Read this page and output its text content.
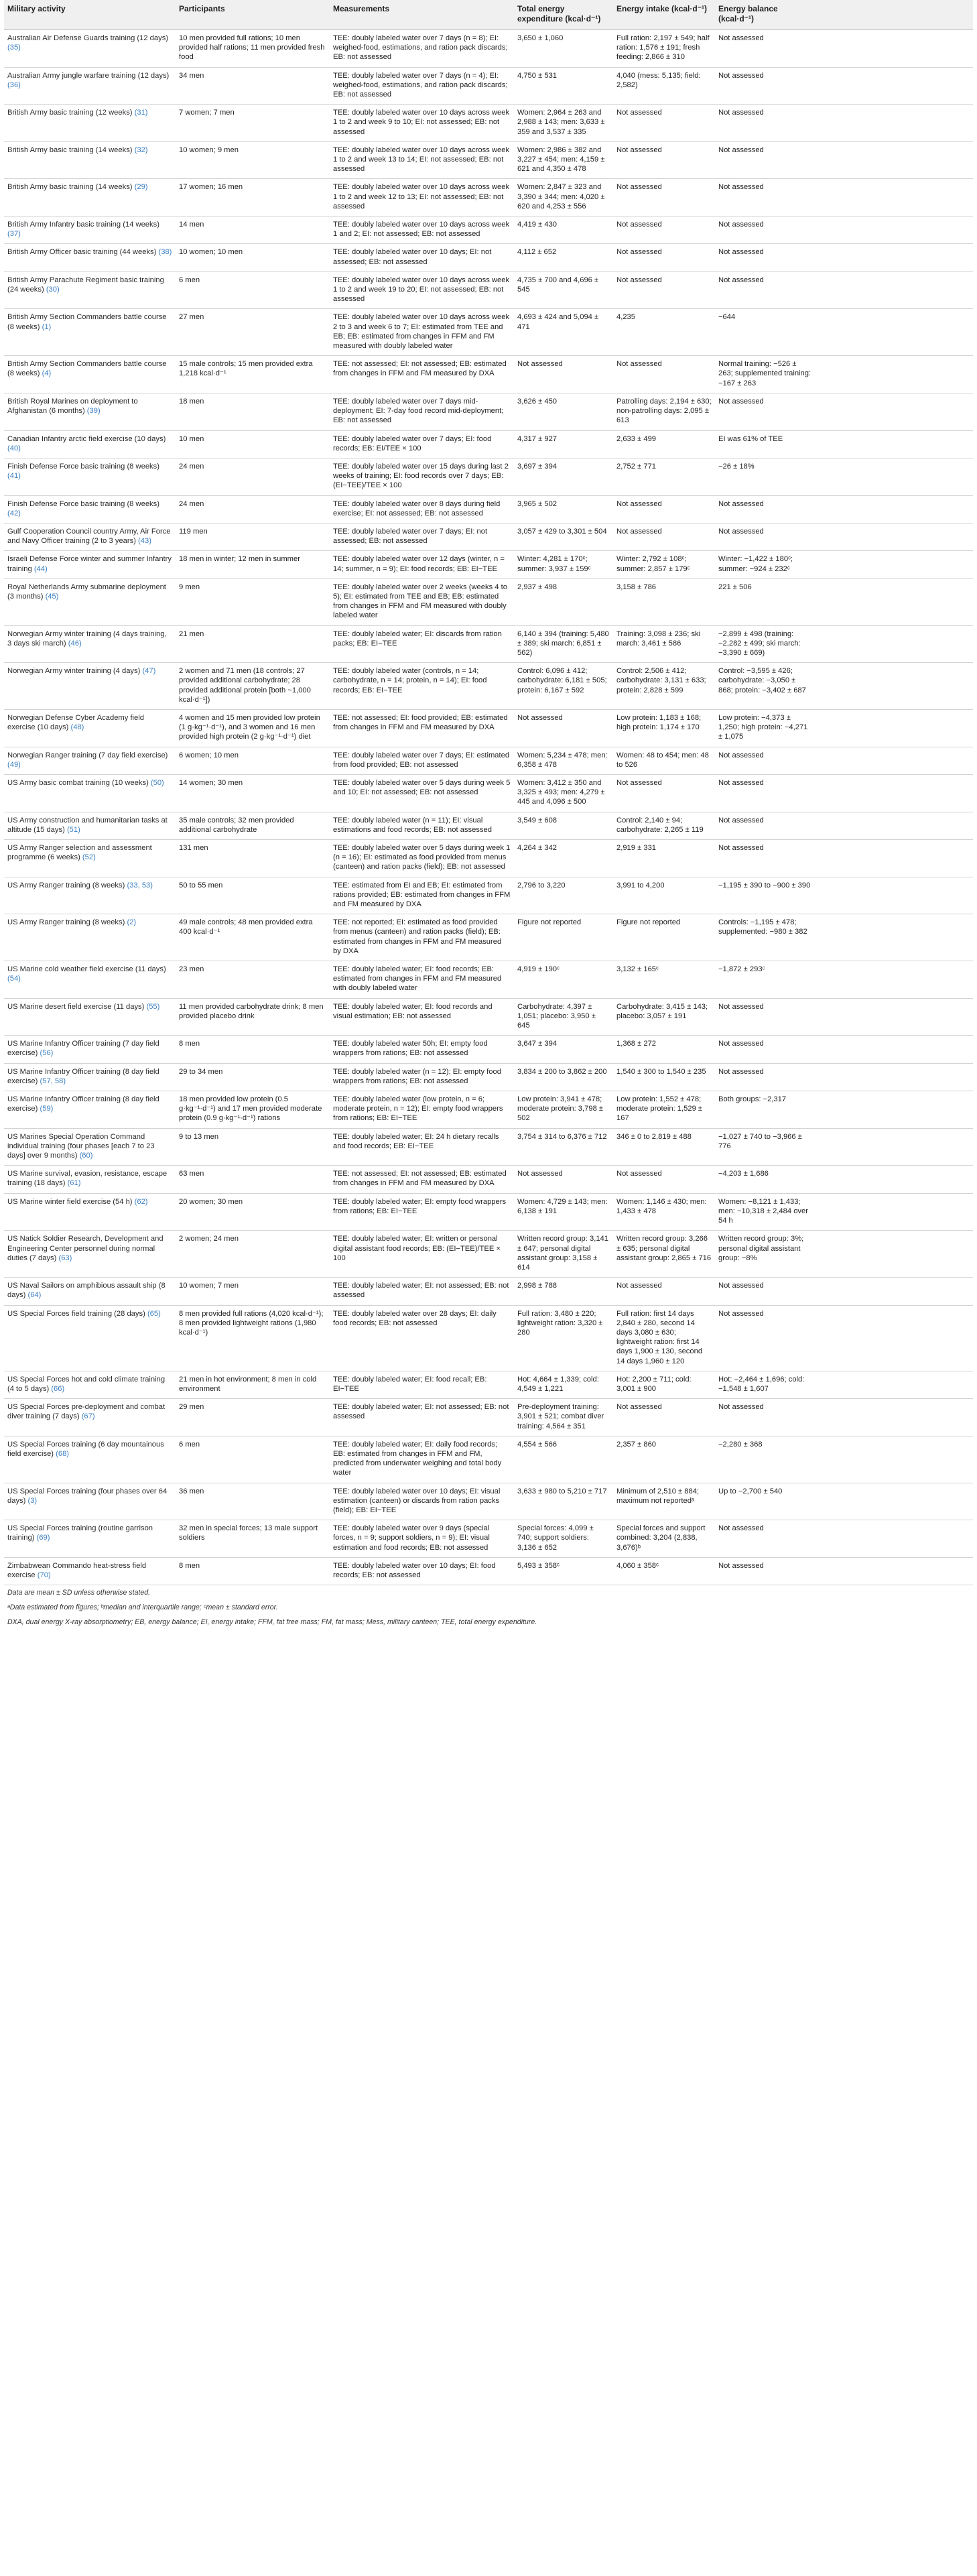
Military activity	Participants	Measurements	Total energy expenditure (kcal·d⁻¹)	Energy intake (kcal·d⁻¹)	Energy balance (kcal·d⁻¹)	
Australian Air Defense Guards training (12 days) (35)	10 men provided full rations; 10 men provided half rations; 11 men provided fresh food	TEE: doubly labeled water over 7 days (n = 8); EI: weighed-food, estimations, and ration pack discards; EB: not assessed	3,650 ± 1,060	Full ration: 2,197 ± 549; half ration: 1,576 ± 191; fresh feeding: 2,866 ± 310	Not assessed	
Australian Army jungle warfare training (12 days) (36)	34 men	TEE: doubly labeled water over 7 days (n = 4); EI: weighed-food, estimations, and ration pack discards; EB: not assessed	4,750 ± 531	4,040 (mess: 5,135; field: 2,582)	Not assessed	
British Army basic training (12 weeks) (31)	7 women; 7 men	TEE: doubly labeled water over 10 days across week 1 to 2 and week 9 to 10; EI: not assessed; EB: not assessed	Women: 2,964 ± 263 and 2,988 ± 143; men: 3,633 ± 359 and 3,537 ± 335	Not assessed	Not assessed	
British Army basic training (14 weeks) (32)	10 women; 9 men	TEE: doubly labeled water over 10 days across week 1 to 2 and week 13 to 14; EI: not assessed; EB: not assessed	Women: 2,986 ± 382 and 3,227 ± 454; men: 4,159 ± 621 and 4,350 ± 478	Not assessed	Not assessed	
British Army basic training (14 weeks) (29)	17 women; 16 men	TEE: doubly labeled water over 10 days across week 1 to 2 and week 12 to 13; EI: not assessed; EB: not assessed	Women: 2,847 ± 323 and 3,390 ± 344; men: 4,020 ± 620 and 4,253 ± 556	Not assessed	Not assessed	
British Army Infantry basic training (14 weeks) (37)	14 men	TEE: doubly labeled water over 10 days across week 1 and 2; EI: not assessed; EB: not assessed	4,419 ± 430	Not assessed	Not assessed	
British Army Officer basic training (44 weeks) (38)	10 women; 10 men	TEE: doubly labeled water over 10 days; EI: not assessed; EB: not assessed	4,112 ± 652	Not assessed	Not assessed	
British Army Parachute Regiment basic training (24 weeks) (30)	6 men	TEE: doubly labeled water over 10 days across week 1 to 2 and week 19 to 20; EI: not assessed; EB: not assessed	4,735 ± 700 and 4,696 ± 545	Not assessed	Not assessed	
British Army Section Commanders battle course (8 weeks) (1)	27 men	TEE: doubly labeled water over 10 days across week 2 to 3 and week 6 to 7; EI: estimated from TEE and EB; EB: estimated from changes in FFM and FM measured with doubly labeled water	4,693 ± 424 and 5,094 ± 471	4,235	−644	
British Army Section Commanders battle course (8 weeks) (4)	15 male controls; 15 men provided extra 1,218 kcal·d⁻¹	TEE: not assessed; EI: not assessed; EB: estimated from changes in FFM and FM measured by DXA	Not assessed	Not assessed	Normal training: −526 ± 263; supplemented training: −167 ± 263	
British Royal Marines on deployment to Afghanistan (6 months) (39)	18 men	TEE: doubly labeled water over 7 days mid-deployment; EI: 7-day food record mid-deployment; EB: not assessed	3,626 ± 450	Patrolling days: 2,194 ± 630; non-patrolling days: 2,095 ± 613	Not assessed	
Canadian Infantry arctic field exercise (10 days) (40)	10 men	TEE: doubly labeled water over 7 days; EI: food records; EB: EI/TEE × 100	4,317 ± 927	2,633 ± 499	EI was 61% of TEE	
Finish Defense Force basic training (8 weeks) (41)	24 men	TEE: doubly labeled water over 15 days during last 2 weeks of training; EI: food records over 7 days; EB: (EI−TEE)/TEE × 100	3,697 ± 394	2,752 ± 771	−26 ± 18%	
Finish Defense Force basic training (8 weeks) (42)	24 men	TEE: doubly labeled water over 8 days during field exercise; EI: not assessed; EB: not assessed	3,965 ± 502	Not assessed	Not assessed	
Gulf Cooperation Council country Army, Air Force and Navy Officer training (2 to 3 years) (43)	119 men	TEE: doubly labeled water over 7 days; EI: not assessed; EB: not assessed	3,057 ± 429 to 3,301 ± 504	Not assessed	Not assessed	
Israeli Defense Force winter and summer Infantry training (44)	18 men in winter; 12 men in summer	TEE: doubly labeled water over 12 days (winter, n = 14; summer, n = 9); EI: food records; EB: EI−TEE	Winter: 4,281 ± 170ᶜ; summer: 3,937 ± 159ᶜ	Winter: 2,792 ± 108ᶜ; summer: 2,857 ± 179ᶜ	Winter: −1,422 ± 180ᶜ; summer: −924 ± 232ᶜ	
Royal Netherlands Army submarine deployment (3 months) (45)	9 men	TEE: doubly labeled water over 2 weeks (weeks 4 to 5); EI: estimated from TEE and EB; EB: estimated from changes in FFM and FM measured with doubly labeled water	2,937 ± 498	3,158 ± 786	221 ± 506	
Norwegian Army winter training (4 days training, 3 days ski march) (46)	21 men	TEE: doubly labeled water; EI: discards from ration packs; EB: EI−TEE	6,140 ± 394 (training: 5,480 ± 389; ski march: 6,851 ± 562)	Training: 3,098 ± 236; ski march: 3,461 ± 586	−2,899 ± 498 (training: −2,282 ± 499; ski march: −3,390 ± 669)	
Norwegian Army winter training (4 days) (47)	2 women and 71 men (18 controls; 27 provided additional carbohydrate; 28 provided additional protein [both ~1,000 kcal·d⁻¹])	TEE: doubly labeled water (controls, n = 14; carbohydrate, n = 14; protein, n = 14); EI: food records; EB: EI−TEE	Control: 6,096 ± 412; carbohydrate: 6,181 ± 505; protein: 6,167 ± 592	Control: 2,506 ± 412; carbohydrate: 3,131 ± 633; protein: 2,828 ± 599	Control: −3,595 ± 426; carbohydrate: −3,050 ± 868; protein: −3,402 ± 687	
Norwegian Defense Cyber Academy field exercise (10 days) (48)	4 women and 15 men provided low protein (1 g·kg⁻¹·d⁻¹), and 3 women and 16 men provided high protein (2 g·kg⁻¹·d⁻¹) diet	TEE: not assessed; EI: food provided; EB: estimated from changes in FFM and FM measured by DXA	Not assessed	Low protein: 1,183 ± 168; high protein: 1,174 ± 170	Low protein: −4,373 ± 1,250; high protein: −4,271 ± 1,075	
Norwegian Ranger training (7 day field exercise) (49)	6 women; 10 men	TEE: doubly labeled water over 7 days; EI: estimated from food provided; EB: not assessed	Women: 5,234 ± 478; men: 6,358 ± 478	Women: 48 to 454; men: 48 to 526	Not assessed	
US Army basic combat training (10 weeks) (50)	14 women; 30 men	TEE: doubly labeled water over 5 days during week 5 and 10; EI: not assessed; EB: not assessed	Women: 3,412 ± 350 and 3,325 ± 493; men: 4,279 ± 445 and 4,096 ± 500	Not assessed	Not assessed	
US Army construction and humanitarian tasks at altitude (15 days) (51)	35 male controls; 32 men provided additional carbohydrate	TEE: doubly labeled water (n = 11); EI: visual estimations and food records; EB: not assessed	3,549 ± 608	Control: 2,140 ± 94; carbohydrate: 2,265 ± 119	Not assessed	
US Army Ranger selection and assessment programme (6 weeks) (52)	131 men	TEE: doubly labeled water over 5 days during week 1 (n = 16); EI: estimated as food provided from menus (canteen) and ration packs (field); EB: not assessed	4,264 ± 342	2,919 ± 331	Not assessed	
US Army Ranger training (8 weeks) (33, 53)	50 to 55 men	TEE: estimated from EI and EB; EI: estimated from rations provided; EB: estimated from changes in FFM and FM measured by DXA	2,796 to 3,220	3,991 to 4,200	−1,195 ± 390 to −900 ± 390	
US Army Ranger training (8 weeks) (2)	49 male controls; 48 men provided extra 400 kcal·d⁻¹	TEE: not reported; EI: estimated as food provided from menus (canteen) and ration packs (field); EB: estimated from changes in FFM and FM measured by DXA	Figure not reported	Figure not reported	Controls: −1,195 ± 478; supplemented: −980 ± 382	
US Marine cold weather field exercise (11 days) (54)	23 men	TEE: doubly labeled water; EI: food records; EB: estimated from changes in FFM and FM measured with doubly labeled water	4,919 ± 190ᶜ	3,132 ± 165ᶜ	−1,872 ± 293ᶜ	
US Marine desert field exercise (11 days) (55)	11 men provided carbohydrate drink; 8 men provided placebo drink	TEE: doubly labeled water; EI: food records and visual estimation; EB: not assessed	Carbohydrate: 4,397 ± 1,051; placebo: 3,950 ± 645	Carbohydrate: 3,415 ± 143; placebo: 3,057 ± 191	Not assessed	
US Marine Infantry Officer training (7 day field exercise) (56)	8 men	TEE: doubly labeled water 50h; EI: empty food wrappers from rations; EB: not assessed	3,647 ± 394	1,368 ± 272	Not assessed	
US Marine Infantry Officer training (8 day field exercise) (57, 58)	29 to 34 men	TEE: doubly labeled water (n = 12); EI: empty food wrappers from rations; EB: not assessed	3,834 ± 200 to 3,862 ± 200	1,540 ± 300 to 1,540 ± 235	Not assessed	
US Marine Infantry Officer training (8 day field exercise) (59)	18 men provided low protein (0.5 g·kg⁻¹·d⁻¹) and 17 men provided moderate protein (0.9 g·kg⁻¹·d⁻¹) rations	TEE: doubly labeled water (low protein, n = 6; moderate protein, n = 12); EI: empty food wrappers from rations; EB: EI−TEE	Low protein: 3,941 ± 478; moderate protein: 3,798 ± 502	Low protein: 1,552 ± 478; moderate protein: 1,529 ± 167	Both groups: −2,317	
US Marines Special Operation Command individual training (four phases [each 7 to 23 days] over 9 months) (60)	9 to 13 men	TEE: doubly labeled water; EI: 24 h dietary recalls and food records; EB: EI−TEE	3,754 ± 314 to 6,376 ± 712	346 ± 0 to 2,819 ± 488	−1,027 ± 740 to −3,966 ± 776	
US Marine survival, evasion, resistance, escape training (18 days) (61)	63 men	TEE: not assessed; EI: not assessed; EB: estimated from changes in FFM and FM measured by DXA	Not assessed	Not assessed	−4,203 ± 1,686	
US Marine winter field exercise (54 h) (62)	20 women; 30 men	TEE: doubly labeled water; EI: empty food wrappers from rations; EB: EI−TEE	Women: 4,729 ± 143; men: 6,138 ± 191	Women: 1,146 ± 430; men: 1,433 ± 478	Women: −8,121 ± 1,433; men: −10,318 ± 2,484 over 54 h	
US Natick Soldier Research, Development and Engineering Center personnel during normal duties (7 days) (63)	2 women; 24 men	TEE: doubly labeled water; EI: written or personal digital assistant food records; EB: (EI−TEE)/TEE × 100	Written record group: 3,141 ± 647; personal digital assistant group: 3,158 ± 614	Written record group: 3,266 ± 635; personal digital assistant group: 2,865 ± 716	Written record group: 3%; personal digital assistant group: −8%	
US Naval Sailors on amphibious assault ship (8 days) (64)	10 women; 7 men	TEE: doubly labeled water; EI: not assessed; EB: not assessed	2,998 ± 788	Not assessed	Not assessed	
US Special Forces field training (28 days) (65)	8 men provided full rations (4,020 kcal·d⁻¹); 8 men provided lightweight rations (1,980 kcal·d⁻¹)	TEE: doubly labeled water over 28 days; EI: daily food records; EB: not assessed	Full ration: 3,480 ± 220; lightweight ration: 3,320 ± 280	Full ration: first 14 days 2,840 ± 280, second 14 days 3,080 ± 630; lightweight ration: first 14 days 1,900 ± 130, second 14 days 1,960 ± 120	Not assessed	
US Special Forces hot and cold climate training (4 to 5 days) (66)	21 men in hot environment; 8 men in cold environment	TEE: doubly labeled water; EI: food recall; EB: EI−TEE	Hot: 4,664 ± 1,339; cold: 4,549 ± 1,221	Hot: 2,200 ± 711; cold: 3,001 ± 900	Hot: −2,464 ± 1,696; cold: −1,548 ± 1,607	
US Special Forces pre-deployment and combat diver training (7 days) (67)	29 men	TEE: doubly labeled water; EI: not assessed; EB: not assessed	Pre-deployment training: 3,901 ± 521; combat diver training: 4,564 ± 351	Not assessed	Not assessed	
US Special Forces training (6 day mountainous field exercise) (68)	6 men	TEE: doubly labeled water; EI: daily food records; EB: estimated from changes in FFM and FM, predicted from underwater weighing and total body water	4,554 ± 566	2,357 ± 860	−2,280 ± 368	
US Special Forces training (four phases over 64 days) (3)	36 men	TEE: doubly labeled water over 10 days; EI: visual estimation (canteen) or discards from ration packs (field); EB: EI−TEE	3,633 ± 980 to 5,210 ± 717	Minimum of 2,510 ± 884; maximum not reportedᵃ	Up to −2,700 ± 540	
US Special Forces training (routine garrison training) (69)	32 men in special forces; 13 male support soldiers	TEE: doubly labeled water over 9 days (special forces, n = 9; support soldiers, n = 9); EI: visual estimation and food records; EB: not assessed	Special forces: 4,099 ± 740; support soldiers: 3,136 ± 652	Special forces and support combined: 3,204 (2,838, 3,676)ᵇ	Not assessed	
Zimbabwean Commando heat-stress field exercise (70)	8 men	TEE: doubly labeled water over 10 days; EI: food records; EB: not assessed	5,493 ± 358ᶜ	4,060 ± 358ᶜ	Not assessed	
Data are mean ± SD unless otherwise stated.
ᵃData estimated from figures; ᵇmedian and interquartile range; ᶜmean ± standard error.
DXA, dual energy X-ray absorptiometry; EB, energy balance; EI, energy intake; FFM, fat free mass; FM, fat mass; Mess, military canteen; TEE, total energy expenditure.
